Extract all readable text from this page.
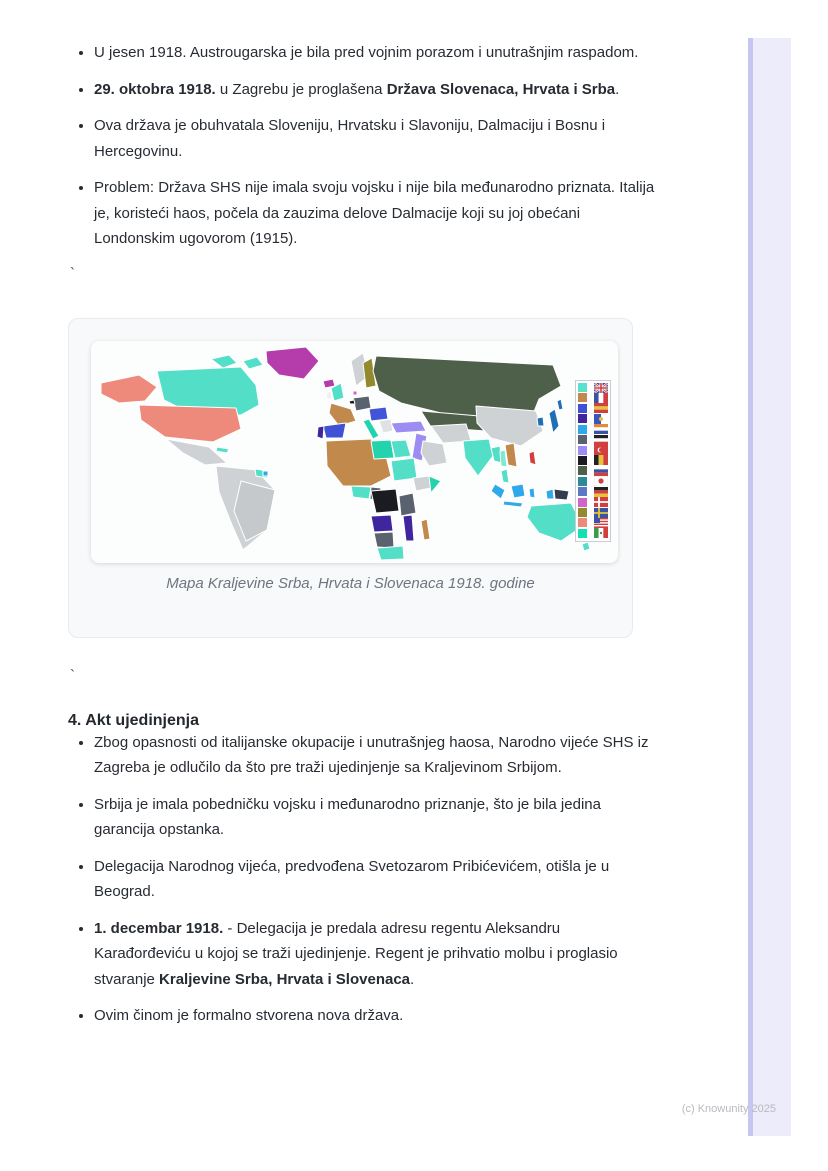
• U jesen 1918. Austrougarska je bila pred vojnim porazom i unutrašnjim raspadom.
• 29. oktobra 1918. u Zagrebu je proglašena Država Slovenaca, Hrvata i Srba.
• Ova država je obuhvatala Sloveniju, Hrvatsku i Slavoniju, Dalmaciju i Bosnu i Hercegovinu.
• Problem: Država SHS nije imala svoju vojsku i nije bila međunarodno priznata. Italija je, koristeći haos, počela da zauzima delove Dalmacije koji su joj obećani Londonskim ugovorom (1915).
`
Mapa Kraljevine Srba, Hrvata i Slovenaca 1918. godine
`
4. Akt ujedinjenja
• Zbog opasnosti od italijanske okupacije i unutrašnjeg haosa, Narodno vijeće SHS iz Zagreba je odlučilo da što pre traži ujedinjenje sa Kraljevinom Srbijom.
• Srbija je imala pobedničku vojsku i međunarodno priznanje, što je bila jedina garancija opstanka.
• Delegacija Narodnog vijeća, predvođena Svetozarom Pribićevićem, otišla je u Beograd.
• 1. decembar 1918. - Delegacija je predala adresu regentu Aleksandru Karađorđeviću u kojoj se traži ujedinjenje. Regent je prihvatio molbu i proglasio stvaranje Kraljevine Srba, Hrvata i Slovenaca.
• Ovim činom je formalno stvorena nova država.
(c) Knowunity 2025
